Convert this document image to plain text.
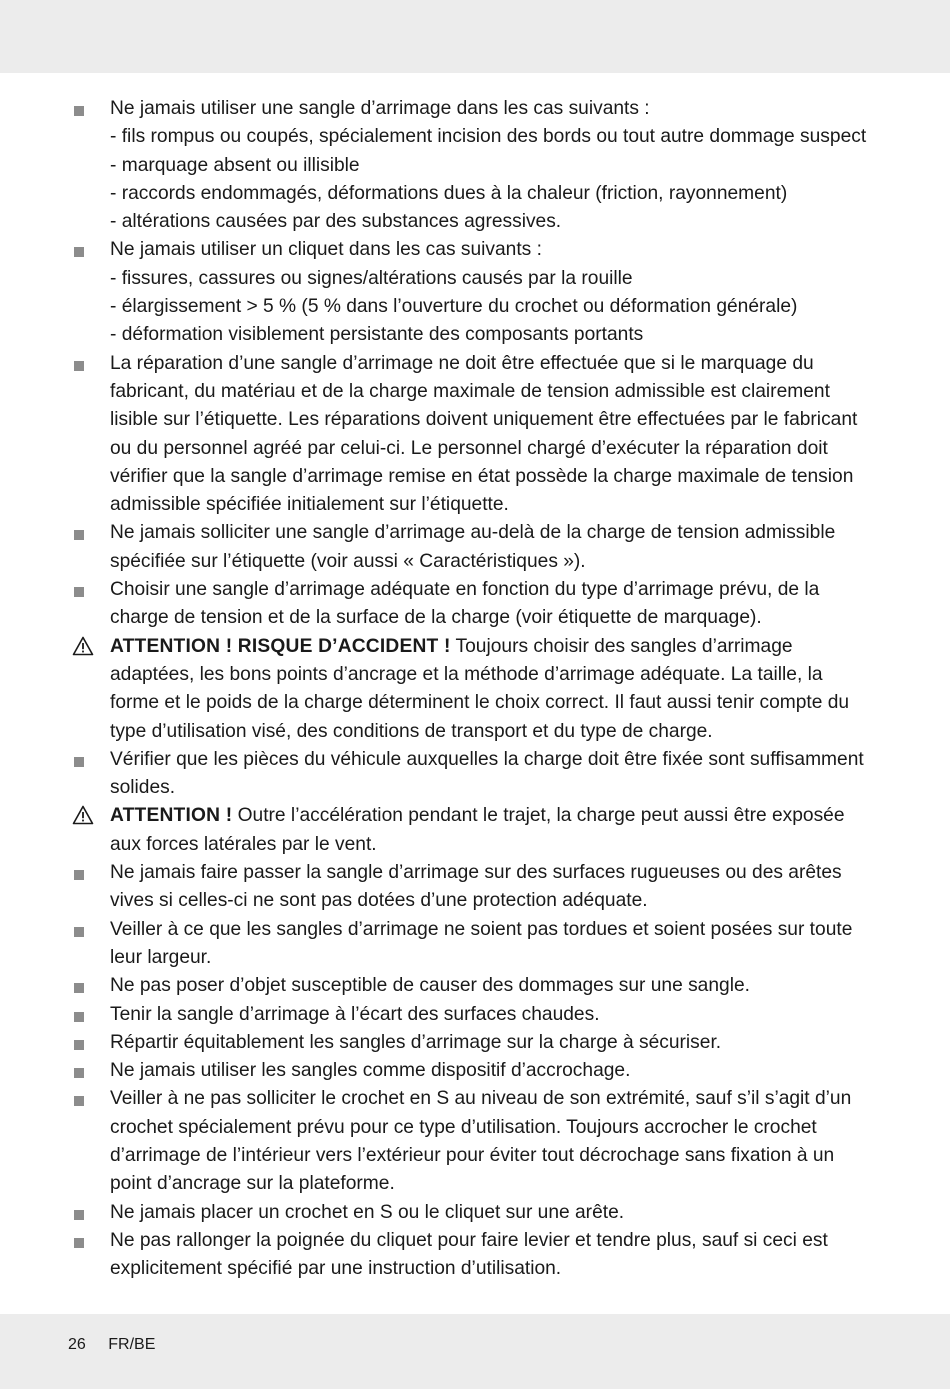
Ne jamais utiliser une sangle d’arrimage dans les cas suivants :
- fils rompus ou coupés, spécialement incision des bords ou tout autre dommage suspect
- marquage absent ou illisible
- raccords endommagés, déformations dues à la chaleur (friction, rayonnement)
- altérations causées par des substances agressives.
Ne jamais utiliser un cliquet dans les cas suivants :
- fissures, cassures ou signes/altérations causés par la rouille
- élargissement > 5 % (5 % dans l’ouverture du crochet ou déformation générale)
- déformation visiblement persistante des composants portants
La réparation d’une sangle d’arrimage ne doit être effectuée que si le marquage du
fabricant, du matériau et de la charge maximale de tension admissible est clairement
lisible sur l’étiquette. Les réparations doivent uniquement être effectuées par le fabricant
ou du personnel agréé par celui-ci. Le personnel chargé d’exécuter la réparation doit
vérifier que la sangle d’arrimage remise en état possède la charge maximale de tension
admissible spécifiée initialement sur l’étiquette.
Ne jamais solliciter une sangle d’arrimage au-delà de la charge de tension admissible
spécifiée sur l’étiquette (voir aussi « Caractéristiques »).
Choisir une sangle d’arrimage adéquate en fonction du type d’arrimage prévu, de la
charge de tension et de la surface de la charge (voir étiquette de marquage).
ATTENTION ! RISQUE D’ACCIDENT ! Toujours choisir des sangles d’arrimage
adaptées, les bons points d’ancrage et la méthode d’arrimage adéquate. La taille, la
forme et le poids de la charge déterminent le choix correct. Il faut aussi tenir compte du
type d’utilisation visé, des conditions de transport et du type de charge.
Vérifier que les pièces du véhicule auxquelles la charge doit être fixée sont suffisamment
solides.
ATTENTION ! Outre l’accélération pendant le trajet, la charge peut aussi être exposée
aux forces latérales par le vent.
Ne jamais faire passer la sangle d’arrimage sur des surfaces rugueuses ou des arêtes
vives si celles-ci ne sont pas dotées d’une protection adéquate.
Veiller à ce que les sangles d’arrimage ne soient pas tordues et soient posées sur toute
leur largeur.
Ne pas poser d’objet susceptible de causer des dommages sur une sangle.
Tenir la sangle d’arrimage à l’écart des surfaces chaudes.
Répartir équitablement les sangles d’arrimage sur la charge à sécuriser.
Ne jamais utiliser les sangles comme dispositif d’accrochage.
Veiller à ne pas solliciter le crochet en S au niveau de son extrémité, sauf s’il s’agit d’un
crochet spécialement prévu pour ce type d’utilisation. Toujours accrocher le crochet
d’arrimage de l’intérieur vers l’extérieur pour éviter tout décrochage sans fixation à un
point d’ancrage sur la plateforme.
Ne jamais placer un crochet en S ou le cliquet sur une arête.
Ne pas rallonger la poignée du cliquet pour faire levier et tendre plus, sauf si ceci est
explicitement spécifié par une instruction d’utilisation.
26 FR/BE
